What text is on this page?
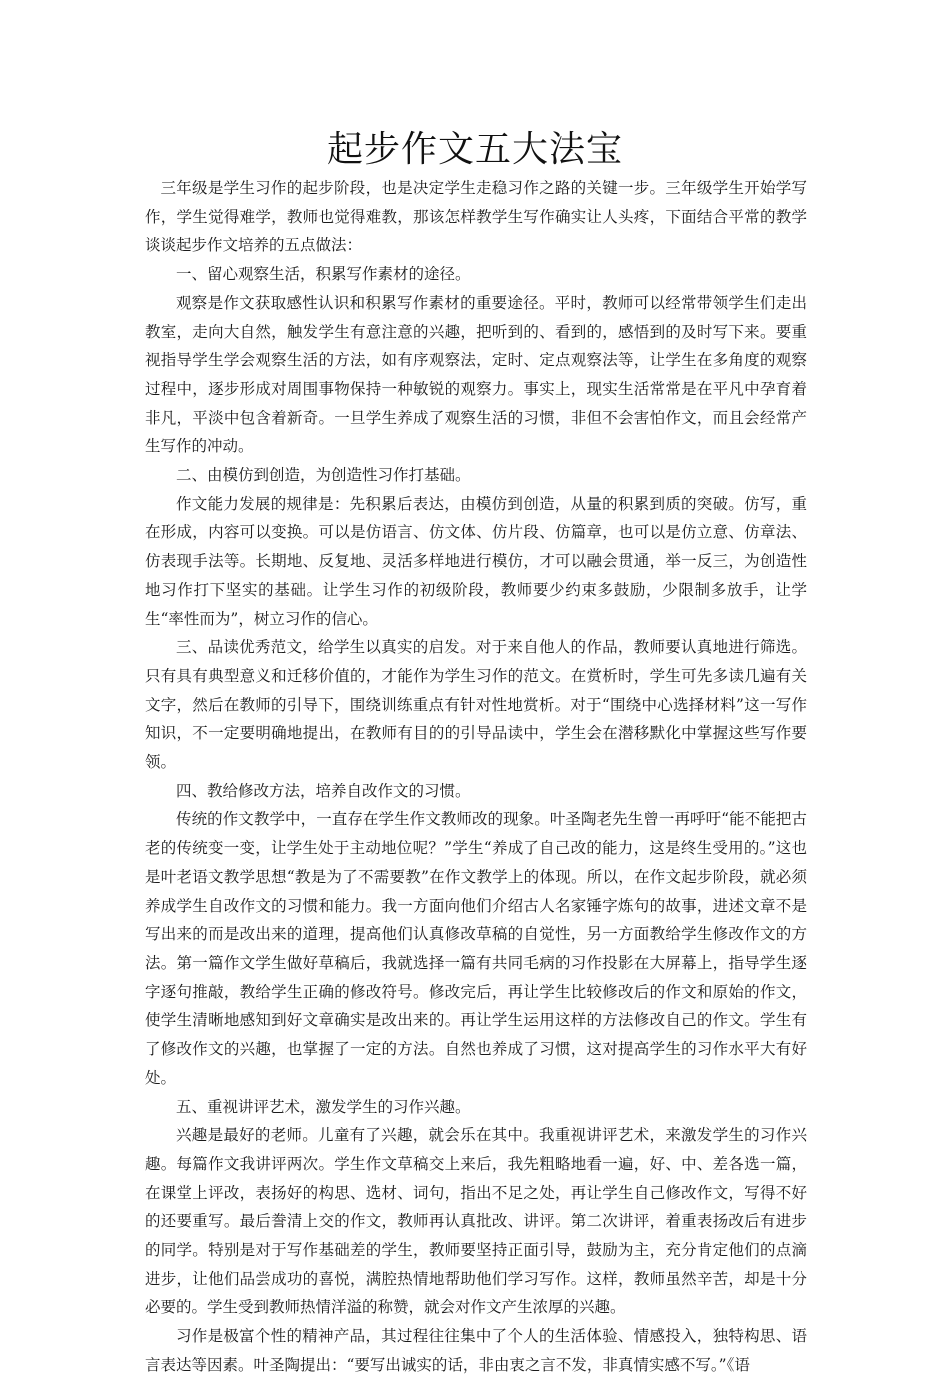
起步作文五大法宝

三年级是学生习作的起步阶段，也是决定学生走稳习作之路的关键一步。三年级学生开始学写作，学生觉得难学，教师也觉得难教，那该怎样教学生写作确实让人头疼，下面结合平常的教学谈谈起步作文培养的五点做法：

一、留心观察生活，积累写作素材的途径。

观察是作文获取感性认识和积累写作素材的重要途径。平时，教师可以经常带领学生们走出教室，走向大自然，触发学生有意注意的兴趣，把听到的、看到的，感悟到的及时写下来。要重视指导学生学会观察生活的方法，如有序观察法，定时、定点观察法等，让学生在多角度的观察过程中，逐步形成对周围事物保持一种敏锐的观察力。事实上，现实生活常常是在平凡中孕育着非凡，平淡中包含着新奇。一旦学生养成了观察生活的习惯，非但不会害怕作文，而且会经常产生写作的冲动。

二、由模仿到创造，为创造性习作打基础。

作文能力发展的规律是：先积累后表达，由模仿到创造，从量的积累到质的突破。仿写，重在形成，内容可以变换。可以是仿语言、仿文体、仿片段、仿篇章，也可以是仿立意、仿章法、仿表现手法等。长期地、反复地、灵活多样地进行模仿，才可以融会贯通，举一反三，为创造性地习作打下坚实的基础。让学生习作的初级阶段，教师要少约束多鼓励，少限制多放手，让学生“率性而为”，树立习作的信心。

三、品读优秀范文，给学生以真实的启发。对于来自他人的作品，教师要认真地进行筛选。只有具有典型意义和迁移价值的，才能作为学生习作的范文。在赏析时，学生可先多读几遍有关文字，然后在教师的引导下，围绕训练重点有针对性地赏析。对于“围绕中心选择材料”这一写作知识，不一定要明确地提出，在教师有目的的引导品读中，学生会在潜移默化中掌握这些写作要领。

四、教给修改方法，培养自改作文的习惯。

传统的作文教学中，一直存在学生作文教师改的现象。叶圣陶老先生曾一再呼吁“能不能把古老的传统变一变，让学生处于主动地位呢？”学生“养成了自己改的能力，这是终生受用的。”这也是叶老语文教学思想“教是为了不需要教”在作文教学上的体现。所以，在作文起步阶段，就必须养成学生自改作文的习惯和能力。我一方面向他们介绍古人名家锤字炼句的故事，进述文章不是写出来的而是改出来的道理，提高他们认真修改草稿的自觉性，另一方面教给学生修改作文的方法。第一篇作文学生做好草稿后，我就选择一篇有共同毛病的习作投影在大屏幕上，指导学生逐字逐句推敲，教给学生正确的修改符号。修改完后，再让学生比较修改后的作文和原始的作文，使学生清晰地感知到好文章确实是改出来的。再让学生运用这样的方法修改自己的作文。学生有了修改作文的兴趣，也掌握了一定的方法。自然也养成了习惯，这对提高学生的习作水平大有好处。

五、重视讲评艺术，激发学生的习作兴趣。

兴趣是最好的老师。儿童有了兴趣，就会乐在其中。我重视讲评艺术，来激发学生的习作兴趣。每篇作文我讲评两次。学生作文草稿交上来后，我先粗略地看一遍，好、中、差各选一篇，在课堂上评改，表扬好的构思、选材、词句，指出不足之处，再让学生自己修改作文，写得不好的还要重写。最后誊清上交的作文，教师再认真批改、讲评。第二次讲评，着重表扬改后有进步的同学。特别是对于写作基础差的学生，教师要坚持正面引导，鼓励为主，充分肯定他们的点滴进步，让他们品尝成功的喜悦，满腔热情地帮助他们学习写作。这样，教师虽然辛苦，却是十分必要的。学生受到教师热情洋溢的称赞，就会对作文产生浓厚的兴趣。

习作是极富个性的精神产品，其过程往往集中了个人的生活体验、情感投入，独特构思、语言表达等因素。叶圣陶提出：“要写出诚实的话，非由衷之言不发，非真情实感不写。”《语
